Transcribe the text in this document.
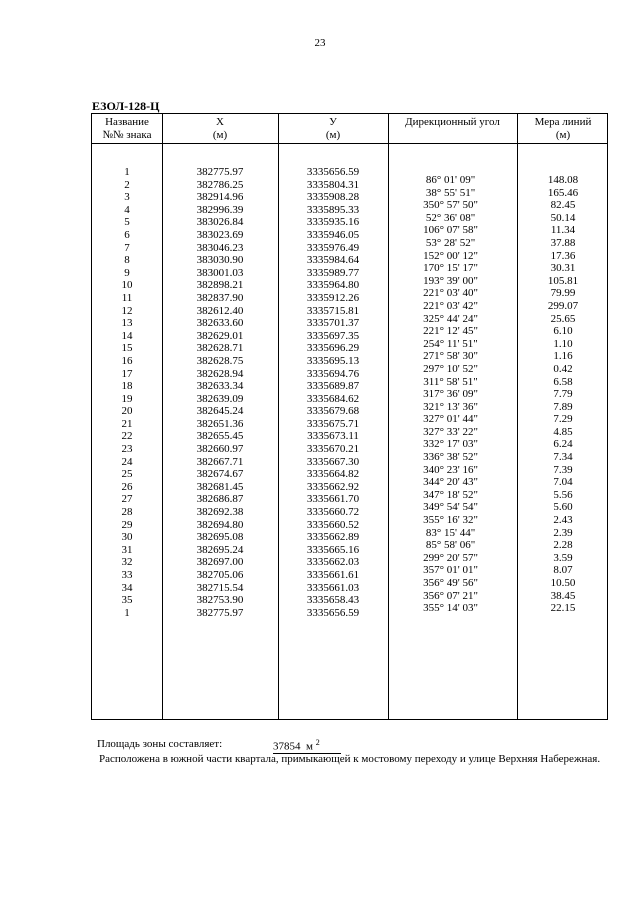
23
ЕЗОЛ-128-Ц
Название
№№ знака
Х
(м)
У
(м)
Дирекционный угол	Мера линий
(м)
1
2
3
4
5
6
7
8
9
10
11
12
13
14
15
16
17
18
19
20
21
22
23
24
25
26
27
28
29
30
31
32
33
34
35
1
382775.97
382786.25
382914.96
382996.39
383026.84
383023.69
383046.23
383030.90
383001.03
382898.21
382837.90
382612.40
382633.60
382629.01
382628.71
382628.75
382628.94
382633.34
382639.09
382645.24
382651.36
382655.45
382660.97
382667.71
382674.67
382681.45
382686.87
382692.38
382694.80
382695.08
382695.24
382697.00
382705.06
382715.54
382753.90
382775.97
3335656.59
3335804.31
3335908.28
3335895.33
3335935.16
3335946.05
3335976.49
3335984.64
3335989.77
3335964.80
3335912.26
3335715.81
3335701.37
3335697.35
3335696.29
3335695.13
3335694.76
3335689.87
3335684.62
3335679.68
3335675.71
3335673.11
3335670.21
3335667.30
3335664.82
3335662.92
3335661.70
3335660.72
3335660.52
3335662.89
3335665.16
3335662.03
3335661.61
3335661.03
3335658.43
3335656.59
86° 01' 09"
38° 55' 51"
350° 57' 50"
52° 36' 08"
106° 07' 58"
53° 28' 52"
152° 00' 12"
170° 15' 17"
193° 39' 00"
221° 03' 40"
221° 03' 42"
325° 44' 24"
221° 12' 45"
254° 11' 51"
271° 58' 30"
297° 10' 52"
311° 58' 51"
317° 36' 09"
321° 13' 36"
327° 01' 44"
327° 33' 22"
332° 17' 03"
336° 38' 52"
340° 23' 16"
344° 20' 43"
347° 18' 52"
349° 54' 54"
355° 16' 32"
83° 15' 44"
85° 58' 06"
299° 20' 57"
357° 01' 01"
356° 49' 56"
356° 07' 21"
355° 14' 03"
148.08
165.46
82.45
50.14
11.34
37.88
17.36
30.31
105.81
79.99
299.07
25.65
6.10
1.10
1.16
0.42
6.58
7.79
7.89
7.29
4.85
6.24
7.34
7.39
7.04
5.56
5.60
2.43
2.39
2.28
3.59
8.07
10.50
38.45
22.15
Площадь зоны составляет:	37854 м $^2$
Расположена в южной части квартала, примыкающей к мостовому переходу и улице Верхняя Набережная.
